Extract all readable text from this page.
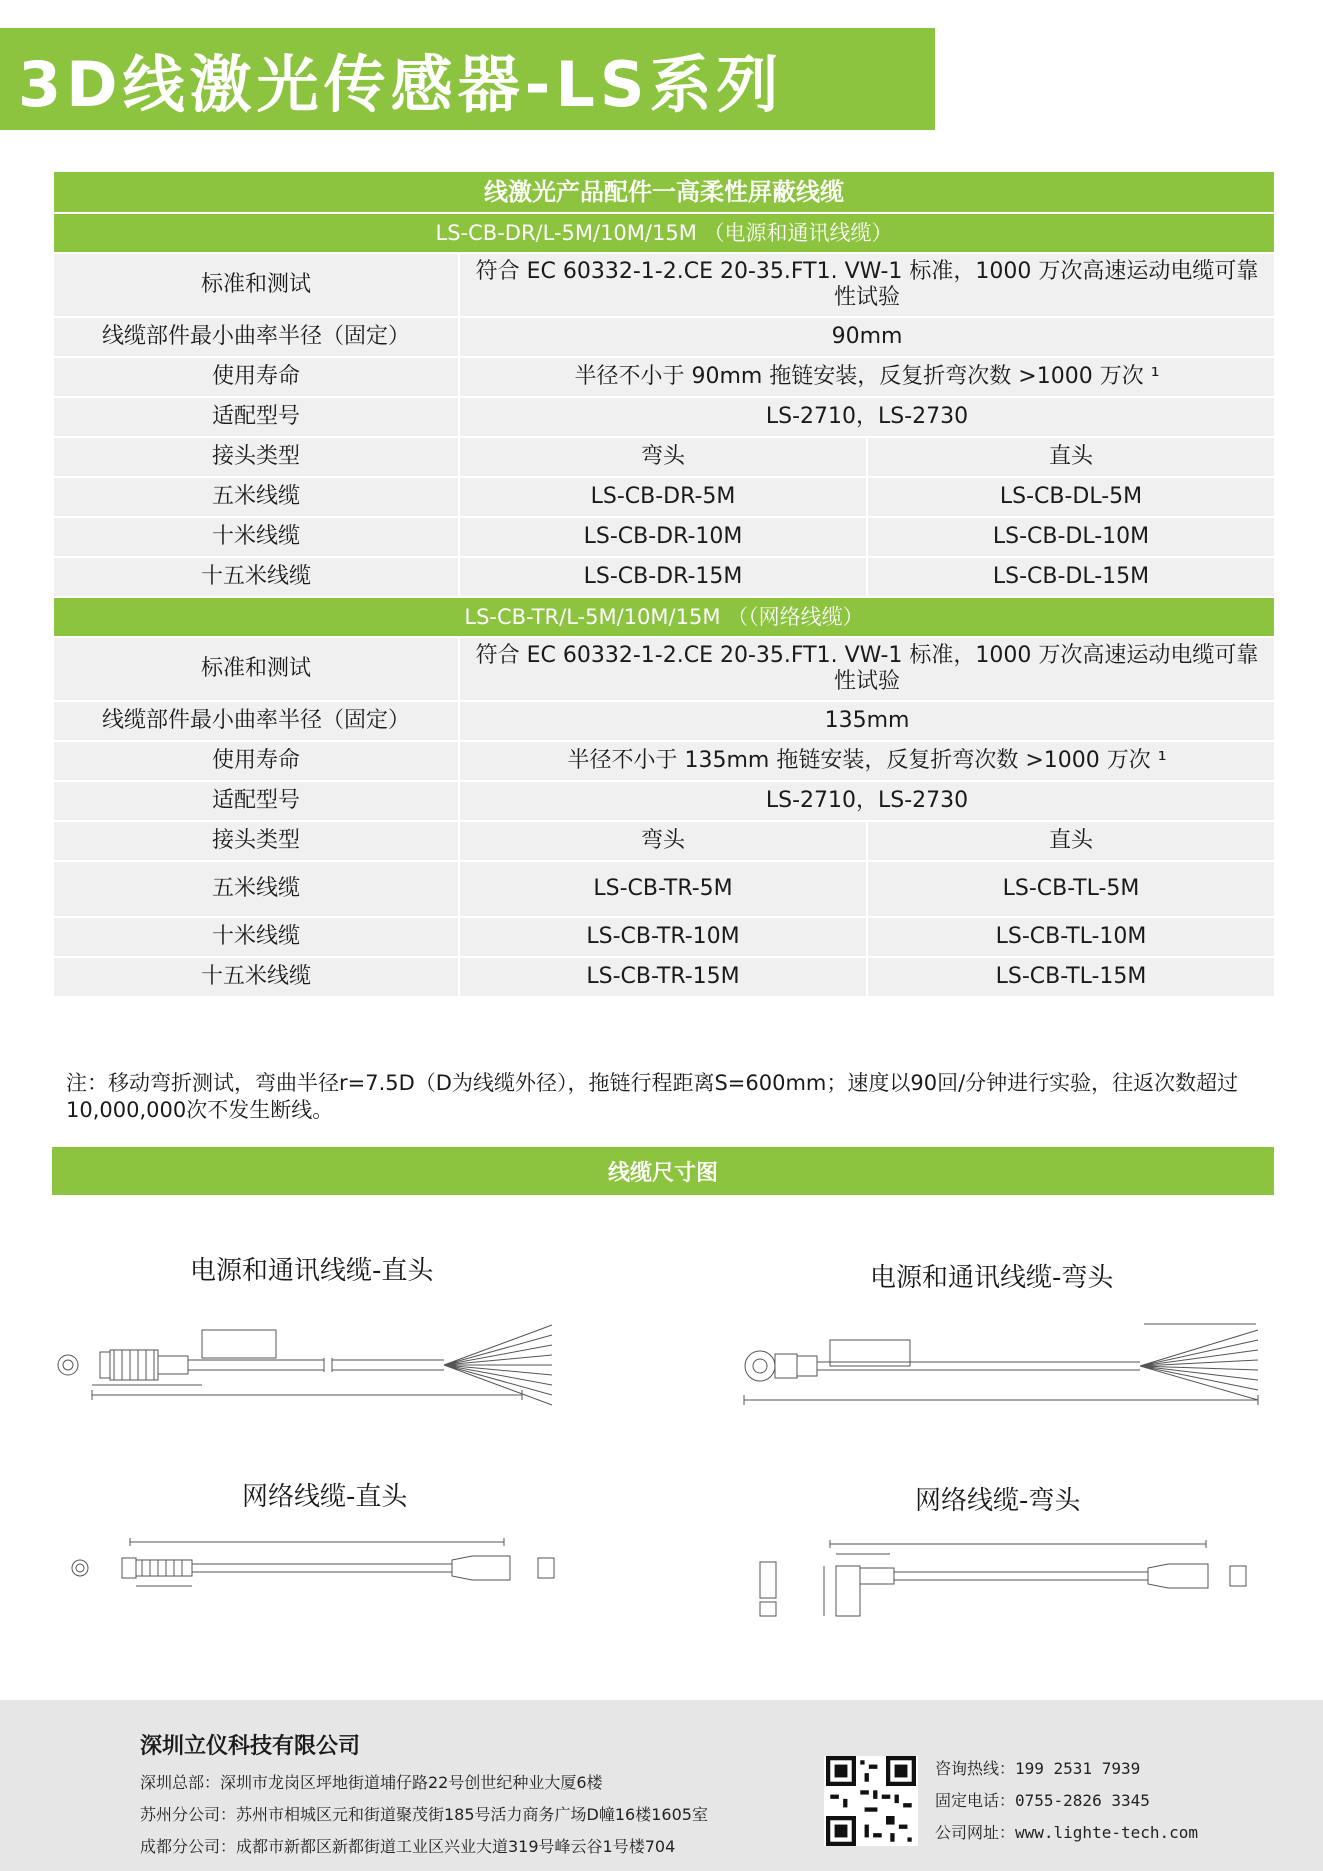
3D线激光传感器-LS系列
线激光产品配件一高柔性屏蔽线缆		
LS-CB-DR/L-5M/10M/15M （电源和通讯线缆）		
标准和测试	符合 EC 60332-1-2.CE 20-35.FT1. VW-1 标准，1000 万次高速运动电缆可靠性试验	
线缆部件最小曲率半径（固定）	90mm	
使用寿命	半径不小于 90mm 拖链安装，反复折弯次数 >1000 万次 ¹	
适配型号	LS-2710，LS-2730	
接头类型	弯头	直头
五米线缆	LS-CB-DR-5M	LS-CB-DL-5M
十米线缆	LS-CB-DR-10M	LS-CB-DL-10M
十五米线缆	LS-CB-DR-15M	LS-CB-DL-15M
LS-CB-TR/L-5M/10M/15M （（网络线缆）		
标准和测试	符合 EC 60332-1-2.CE 20-35.FT1. VW-1 标准，1000 万次高速运动电缆可靠性试验	
线缆部件最小曲率半径（固定）	135mm	
使用寿命	半径不小于 135mm 拖链安装，反复折弯次数 >1000 万次 ¹	
适配型号	LS-2710，LS-2730	
接头类型	弯头	直头
五米线缆	LS-CB-TR-5M	LS-CB-TL-5M
十米线缆	LS-CB-TR-10M	LS-CB-TL-10M
十五米线缆	LS-CB-TR-15M	LS-CB-TL-15M
注：移动弯折测试，弯曲半径r=7.5D（D为线缆外径），拖链行程距离S=600mm；速度以90回/分钟进行实验，往返次数超过10,000,000次不发生断线。
线缆尺寸图
电源和通讯线缆-直头	电源和通讯线缆-弯头
网络线缆-直头	网络线缆-弯头
深圳立仪科技有限公司
深圳总部：深圳市龙岗区坪地街道埔仔路22号创世纪种业大厦6楼
苏州分公司：苏州市相城区元和街道聚茂街185号活力商务广场D幢16楼1605室
成都分公司：成都市新都区新都街道工业区兴业大道319号峰云谷1号楼704
咨询热线：199 2531 7939
固定电话：0755-2826 3345
公司网址：www.lighte-tech.com
